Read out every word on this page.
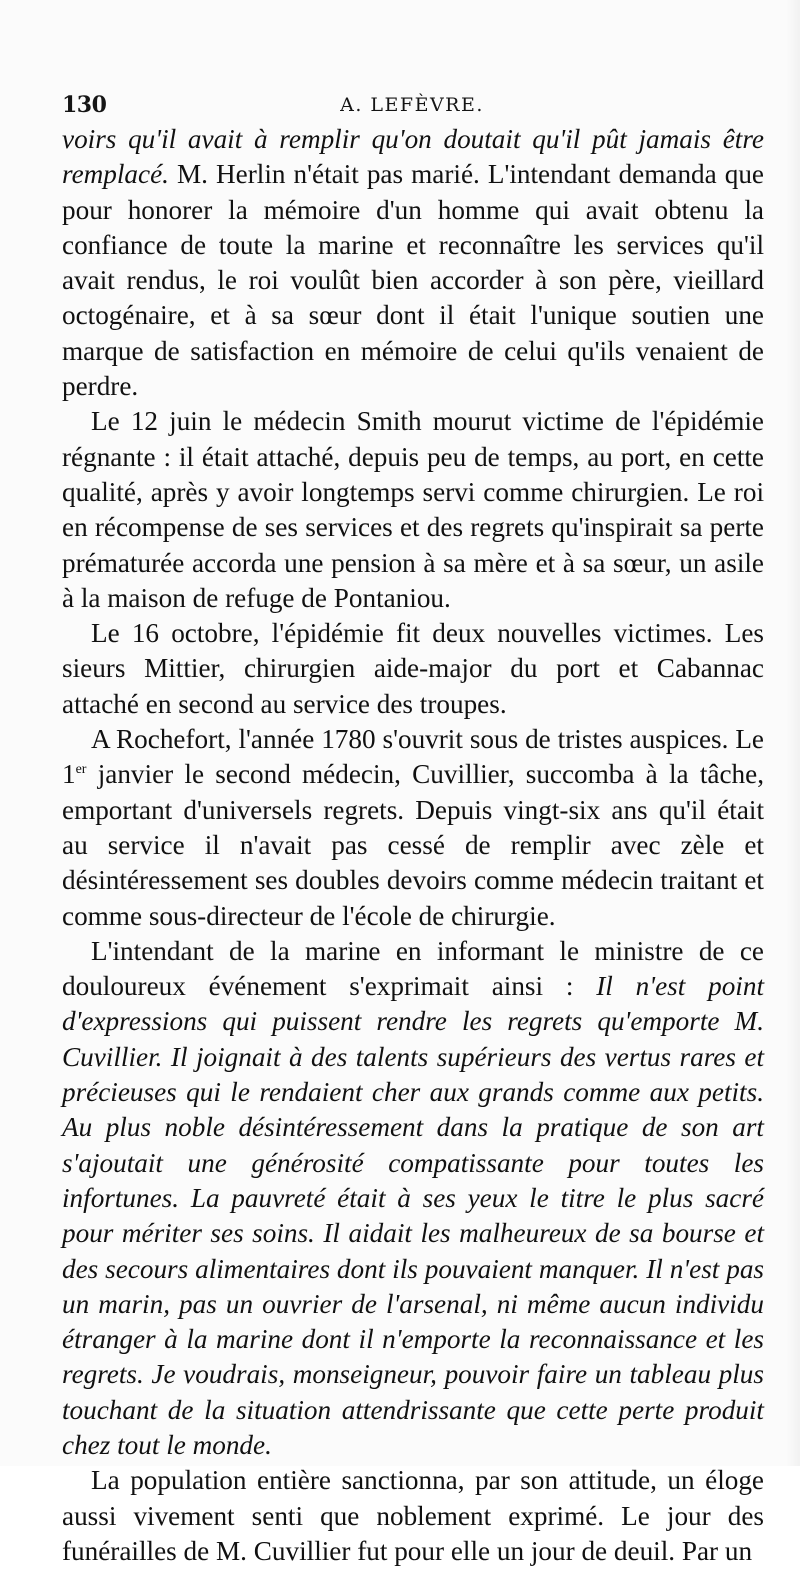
130	A. LEFÈVRE.

voirs qu'il avait à remplir qu'on doutait qu'il pût jamais être remplacé. M. Herlin n'était pas marié. L'intendant demanda que pour honorer la mémoire d'un homme qui avait obtenu la confiance de toute la marine et reconnaître les services qu'il avait rendus, le roi voulût bien accorder à son père, vieillard octogénaire, et à sa sœur dont il était l'unique soutien une marque de satisfaction en mémoire de celui qu'ils venaient de perdre.

Le 12 juin le médecin Smith mourut victime de l'épidémie régnante : il était attaché, depuis peu de temps, au port, en cette qualité, après y avoir longtemps servi comme chirurgien. Le roi en récompense de ses services et des regrets qu'inspirait sa perte prématurée accorda une pension à sa mère et à sa sœur, un asile à la maison de refuge de Pontaniou.

Le 16 octobre, l'épidémie fit deux nouvelles victimes. Les sieurs Mittier, chirurgien aide-major du port et Cabannac attaché en second au service des troupes.

A Rochefort, l'année 1780 s'ouvrit sous de tristes auspices. Le 1er janvier le second médecin, Cuvillier, succomba à la tâche, emportant d'universels regrets. Depuis vingt-six ans qu'il était au service il n'avait pas cessé de remplir avec zèle et désintéressement ses doubles devoirs comme médecin traitant et comme sous-directeur de l'école de chirurgie.

L'intendant de la marine en informant le ministre de ce douloureux événement s'exprimait ainsi : Il n'est point d'expressions qui puissent rendre les regrets qu'emporte M. Cuvillier. Il joignait à des talents supérieurs des vertus rares et précieuses qui le rendaient cher aux grands comme aux petits. Au plus noble désintéressement dans la pratique de son art s'ajoutait une générosité compatissante pour toutes les infortunes. La pauvreté était à ses yeux le titre le plus sacré pour mériter ses soins. Il aidait les malheureux de sa bourse et des secours alimentaires dont ils pouvaient manquer. Il n'est pas un marin, pas un ouvrier de l'arsenal, ni même aucun individu étranger à la marine dont il n'emporte la reconnaissance et les regrets. Je voudrais, monseigneur, pouvoir faire un tableau plus touchant de la situation attendrissante que cette perte produit chez tout le monde.

La population entière sanctionna, par son attitude, un éloge aussi vivement senti que noblement exprimé. Le jour des funérailles de M. Cuvillier fut pour elle un jour de deuil. Par un
